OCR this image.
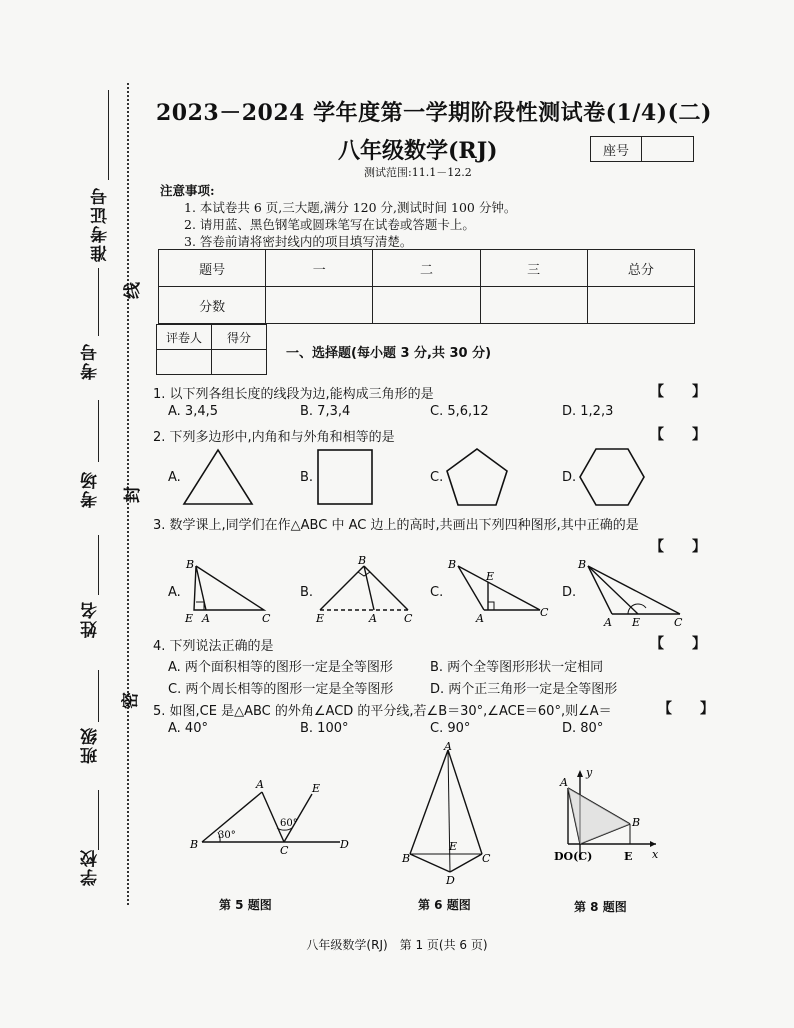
学校
班级
姓名
考场
考号
准考证号
密
封
线
2023－2024 学年度第一学期阶段性测试卷(1/4)(二)
八年级数学(RJ)	座号
测试范围:11.1－12.2
注意事项:
1. 本试卷共 6 页,三大题,满分 120 分,测试时间 100 分钟。
2. 请用蓝、黑色钢笔或圆珠笔写在试卷或答题卡上。
3. 答卷前请将密封线内的项目填写清楚。
题号	一	二	三	总分
分数				
评卷人	得分

一、选择题(每小题 3 分,共 30 分)
1. 以下列各组长度的线段为边,能构成三角形的是	【　　】
A. 3,4,5	B. 7,3,4	C. 5,6,12	D. 1,2,3
2. 下列多边形中,内角和与外角和相等的是	【　　】
A.	B.	C.	D.
3. 数学课上,同学们在作△ABC 中 AC 边上的高时,共画出下列四种图形,其中正确的是
【　　】
A.	B.	C.	D.
B
E A	C
B
E	A C
B
E
A	C
B
A E	C
4. 下列说法正确的是	【　　】
A. 两个面积相等的图形一定是全等图形	B. 两个全等图形形状一定相同
C. 两个周长相等的图形一定是全等图形	D. 两个正三角形一定是全等图形
5. 如图,CE 是△ABC 的外角∠ACD 的平分线,若∠B＝30°,∠ACE＝60°,则∠A＝	【　　】
A. 40°	B. 100°	C. 90°	D. 80°
B
A	E
C	D
30°
60°
A
B	C
D
E
A
B
y
x
DO(C)	E
第 5 题图	第 6 题图	第 8 题图
八年级数学(RJ)　第 1 页(共 6 页)
